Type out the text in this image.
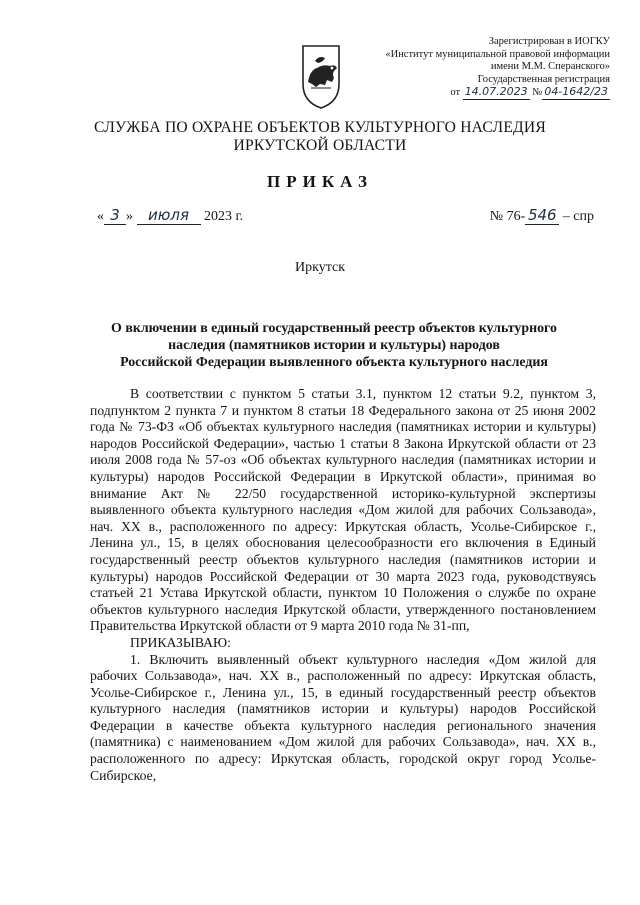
Зарегистрирован в ИОГКУ
«Институт муниципальной правовой информации
имени М.М. Сперанского»
Государственная регистрация
от 14.07.2023 № 04-1642/23
СЛУЖБА ПО ОХРАНЕ ОБЪЕКТОВ КУЛЬТУРНОГО НАСЛЕДИЯ
ИРКУТСКОЙ ОБЛАСТИ
ПРИКАЗ
« 3 » июля 2023 г.	№ 76- 546 – спр
Иркутск
О включении в единый государственный реестр объектов культурного
наследия (памятников истории и культуры) народов
Российской Федерации выявленного объекта культурного наследия

В соответствии с пунктом 5 статьи 3.1, пунктом 12 статьи 9.2, пунктом 3, подпунктом 2 пункта 7 и пунктом 8 статьи 18 Федерального закона от 25 июня 2002 года № 73-ФЗ «Об объектах культурного наследия (памятниках истории и культуры) народов Российской Федерации», частью 1 статьи 8 Закона Иркутской области от 23 июля 2008 года № 57-оз «Об объектах культурного наследия (памятниках истории и культуры) народов Российской Федерации в Иркутской области», принимая во внимание Акт № 22/50 государственной историко-культурной экспертизы выявленного объекта культурного наследия «Дом жилой для рабочих Сользавода», нач. XX в., расположенного по адресу: Иркутская область, Усолье-Сибирское г., Ленина ул., 15, в целях обоснования целесообразности его включения в Единый государственный реестр объектов культурного наследия (памятников истории и культуры) народов Российской Федерации от 30 марта 2023 года, руководствуясь статьей 21 Устава Иркутской области, пунктом 10 Положения о службе по охране объектов культурного наследия Иркутской области, утвержденного постановлением Правительства Иркутской области от 9 марта 2010 года № 31-пп,

ПРИКАЗЫВАЮ:

1. Включить выявленный объект культурного наследия «Дом жилой для рабочих Сользавода», нач. XX в., расположенный по адресу: Иркутская область, Усолье-Сибирское г., Ленина ул., 15, в единый государственный реестр объектов культурного наследия (памятников истории и культуры) народов Российской Федерации в качестве объекта культурного наследия регионального значения (памятника) с наименованием «Дом жилой для рабочих Сользавода», нач. XX в., расположенного по адресу: Иркутская область, городской округ город Усолье-Сибирское,
